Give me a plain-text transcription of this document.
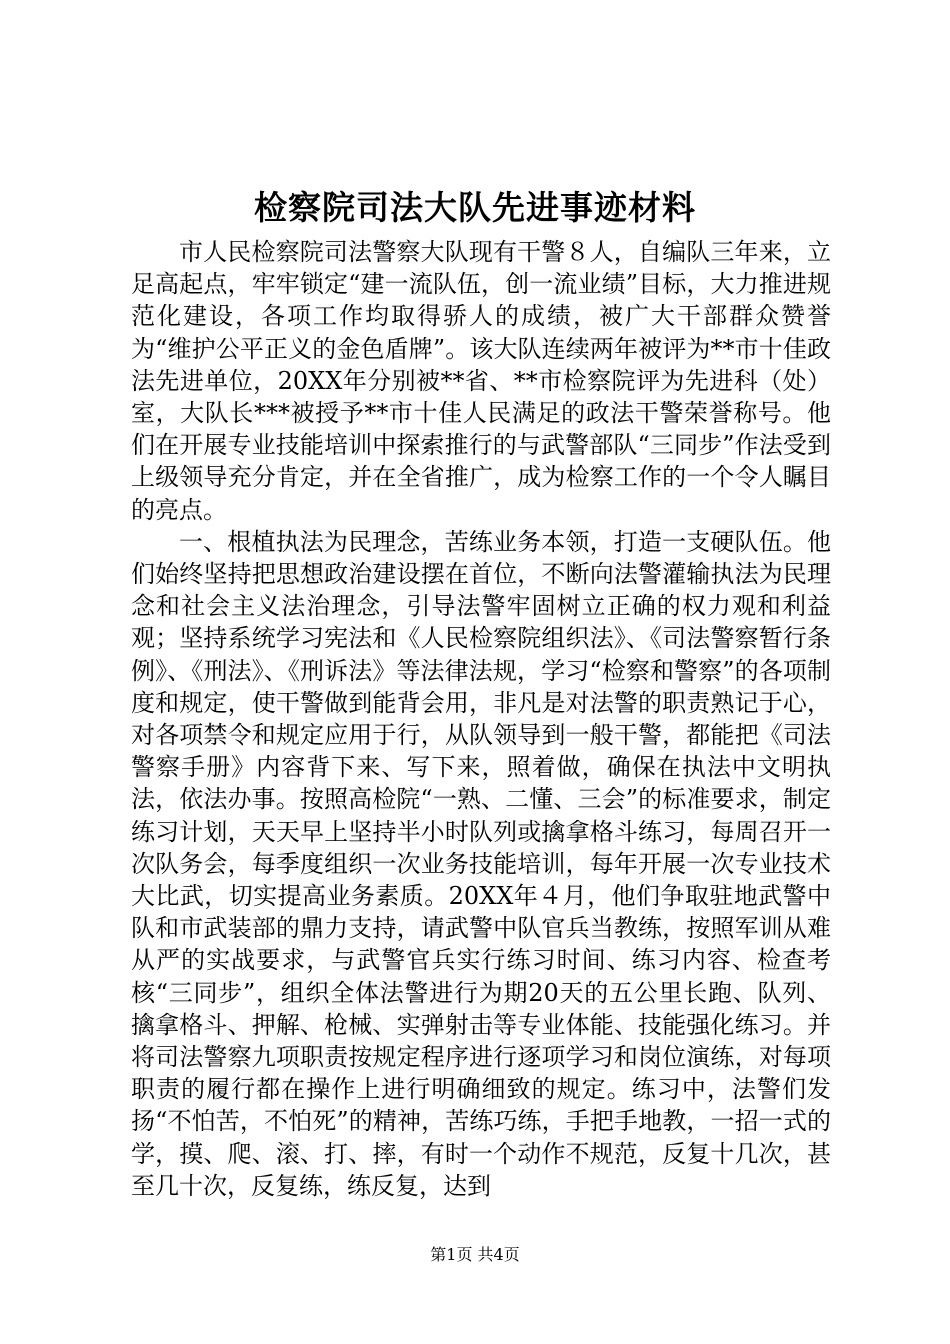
检察院司法大队先进事迹材料

市人民检察院司法警察大队现有干警８人，自编队三年来，立足高起点，牢牢锁定“建一流队伍，创一流业绩”目标，大力推进规范化建设，各项工作均取得骄人的成绩，被广大干部群众赞誉为“维护公平正义的金色盾牌”。该大队连续两年被评为**市十佳政法先进单位，20XX年分别被**省、**市检察院评为先进科（处）室，大队长***被授予**市十佳人民满足的政法干警荣誉称号。他们在开展专业技能培训中探索推行的与武警部队“三同步”作法受到上级领导充分肯定，并在全省推广，成为检察工作的一个令人瞩目的亮点。

一、根植执法为民理念，苦练业务本领，打造一支硬队伍。他们始终坚持把思想政治建设摆在首位，不断向法警灌输执法为民理念和社会主义法治理念，引导法警牢固树立正确的权力观和利益观；坚持系统学习宪法和《人民检察院组织法》、《司法警察暂行条例》、《刑法》、《刑诉法》等法律法规，学习“检察和警察”的各项制度和规定，使干警做到能背会用，非凡是对法警的职责熟记于心，对各项禁令和规定应用于行，从队领导到一般干警，都能把《司法警察手册》内容背下来、写下来，照着做，确保在执法中文明执法，依法办事。按照高检院“一熟、二懂、三会”的标准要求，制定练习计划，天天早上坚持半小时队列或擒拿格斗练习，每周召开一次队务会，每季度组织一次业务技能培训，每年开展一次专业技术大比武，切实提高业务素质。20XX年４月，他们争取驻地武警中队和市武装部的鼎力支持，请武警中队官兵当教练，按照军训从难从严的实战要求，与武警官兵实行练习时间、练习内容、检查考核“三同步”，组织全体法警进行为期20天的五公里长跑、队列、擒拿格斗、押解、枪械、实弹射击等专业体能、技能强化练习。并将司法警察九项职责按规定程序进行逐项学习和岗位演练，对每项职责的履行都在操作上进行明确细致的规定。练习中，法警们发扬“不怕苦，不怕死”的精神，苦练巧练，手把手地教，一招一式的学，摸、爬、滚、打、摔，有时一个动作不规范，反复十几次，甚至几十次，反复练，练反复，达到

第1页 共4页
